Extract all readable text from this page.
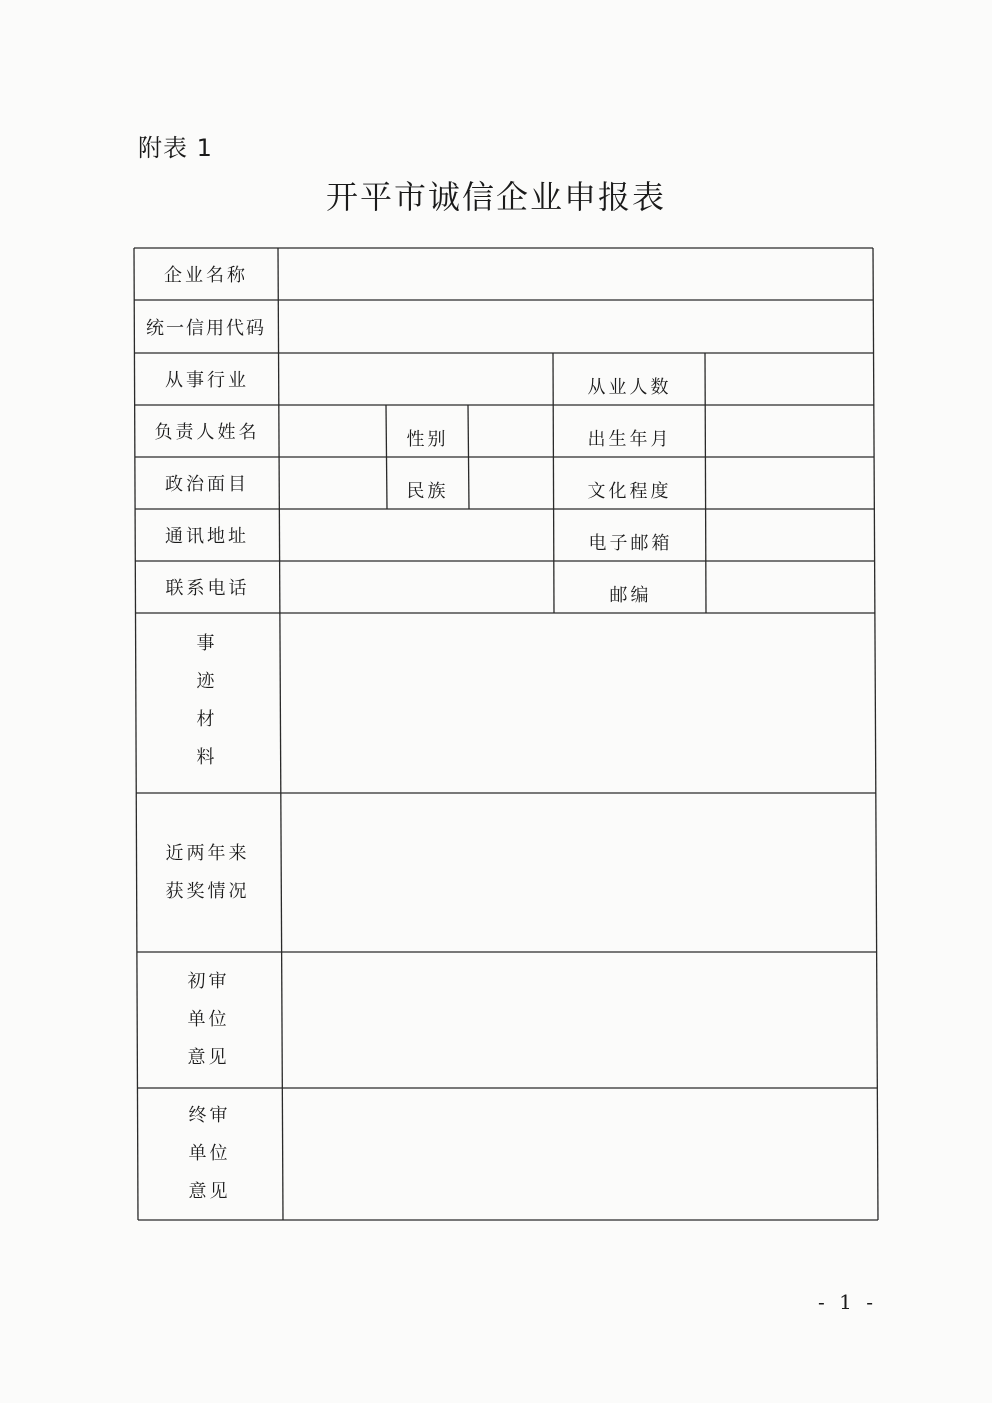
附表 1
开平市诚信企业申报表
企业名称
统一信用代码
从事行业	从业人数
负责人姓名	性别	出生年月
政治面目	民族	文化程度
通讯地址	电子邮箱
联系电话	邮编
事
迹
材
料
近两年来
获奖情况
初审
单位
意见
终审
单位
意见
- 1 -
